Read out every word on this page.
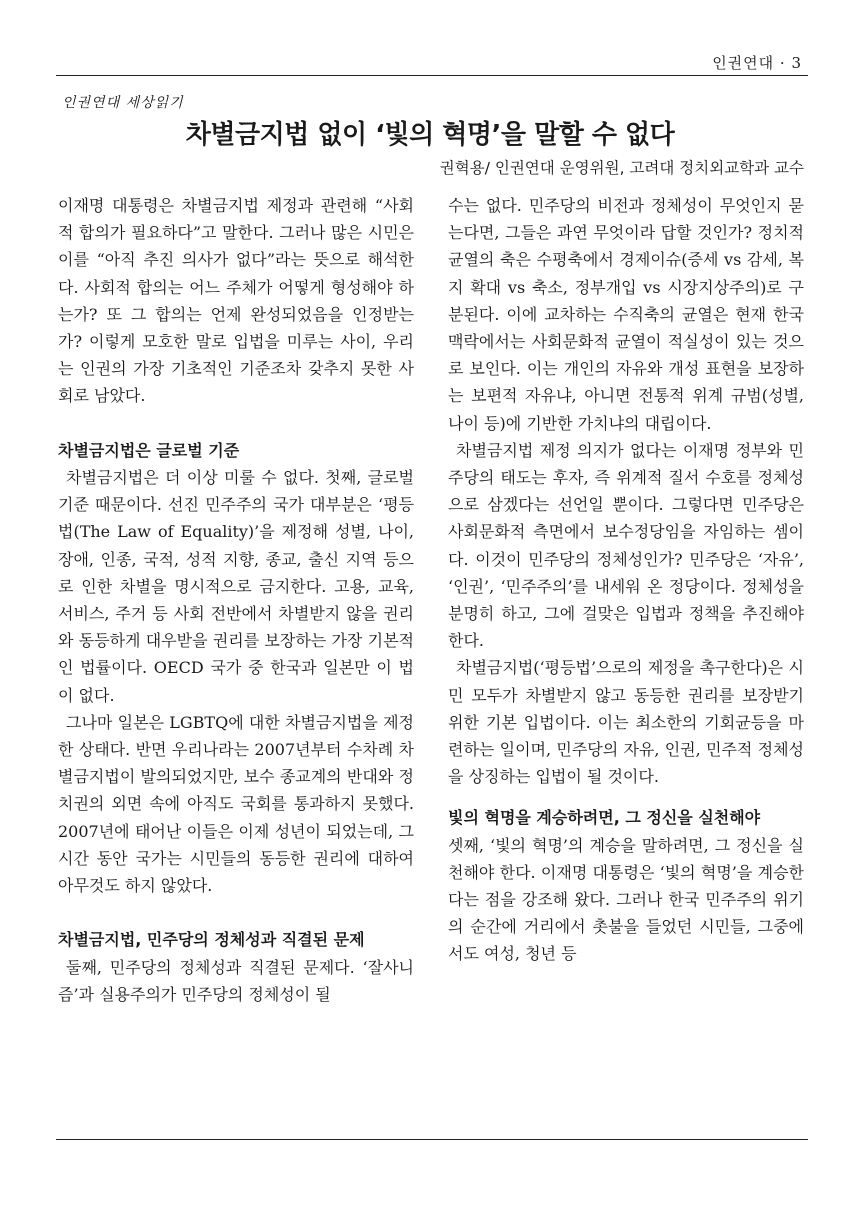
인권연대 · 3
인권연대 세상읽기
차별금지법 없이 ‘빛의 혁명’을 말할 수 없다
권혁용/ 인권연대 운영위원, 고려대 정치외교학과 교수

이재명 대통령은 차별금지법 제정과 관련해 “사회적 합의가 필요하다”고 말한다. 그러나 많은 시민은 이를 “아직 추진 의사가 없다”라는 뜻으로 해석한다. 사회적 합의는 어느 주체가 어떻게 형성해야 하는가? 또 그 합의는 언제 완성되었음을 인정받는가? 이렇게 모호한 말로 입법을 미루는 사이, 우리는 인권의 가장 기초적인 기준조차 갖추지 못한 사회로 남았다.

차별금지법은 글로벌 기준

차별금지법은 더 이상 미룰 수 없다. 첫째, 글로벌 기준 때문이다. 선진 민주주의 국가 대부분은 ‘평등법(The Law of Equality)’을 제정해 성별, 나이, 장애, 인종, 국적, 성적 지향, 종교, 출신 지역 등으로 인한 차별을 명시적으로 금지한다. 고용, 교육, 서비스, 주거 등 사회 전반에서 차별받지 않을 권리와 동등하게 대우받을 권리를 보장하는 가장 기본적인 법률이다. OECD 국가 중 한국과 일본만 이 법이 없다.

그나마 일본은 LGBTQ에 대한 차별금지법을 제정한 상태다. 반면 우리나라는 2007년부터 수차례 차별금지법이 발의되었지만, 보수 종교계의 반대와 정치권의 외면 속에 아직도 국회를 통과하지 못했다. 2007년에 태어난 이들은 이제 성년이 되었는데, 그 시간 동안 국가는 시민들의 동등한 권리에 대하여 아무것도 하지 않았다.

차별금지법, 민주당의 정체성과 직결된 문제

둘째, 민주당의 정체성과 직결된 문제다. ‘잘사니즘’과 실용주의가 민주당의 정체성이 될

수는 없다. 민주당의 비전과 정체성이 무엇인지 묻는다면, 그들은 과연 무엇이라 답할 것인가? 정치적 균열의 축은 수평축에서 경제이슈(증세 vs 감세, 복지 확대 vs 축소, 정부개입 vs 시장지상주의)로 구분된다. 이에 교차하는 수직축의 균열은 현재 한국 맥락에서는 사회문화적 균열이 적실성이 있는 것으로 보인다. 이는 개인의 자유와 개성 표현을 보장하는 보편적 자유냐, 아니면 전통적 위계 규범(성별, 나이 등)에 기반한 가치냐의 대립이다.

차별금지법 제정 의지가 없다는 이재명 정부와 민주당의 태도는 후자, 즉 위계적 질서 수호를 정체성으로 삼겠다는 선언일 뿐이다. 그렇다면 민주당은 사회문화적 측면에서 보수정당임을 자임하는 셈이다. 이것이 민주당의 정체성인가? 민주당은 ‘자유’, ‘인권’, ‘민주주의’를 내세워 온 정당이다. 정체성을 분명히 하고, 그에 걸맞은 입법과 정책을 추진해야 한다.

차별금지법(‘평등법’으로의 제정을 촉구한다)은 시민 모두가 차별받지 않고 동등한 권리를 보장받기 위한 기본 입법이다. 이는 최소한의 기회균등을 마련하는 일이며, 민주당의 자유, 인권, 민주적 정체성을 상징하는 입법이 될 것이다.

빛의 혁명을 계승하려면, 그 정신을 실천해야

셋째, ‘빛의 혁명’의 계승을 말하려면, 그 정신을 실천해야 한다. 이재명 대통령은 ‘빛의 혁명’을 계승한다는 점을 강조해 왔다. 그러나 한국 민주주의 위기의 순간에 거리에서 촛불을 들었던 시민들, 그중에서도 여성, 청년 등
